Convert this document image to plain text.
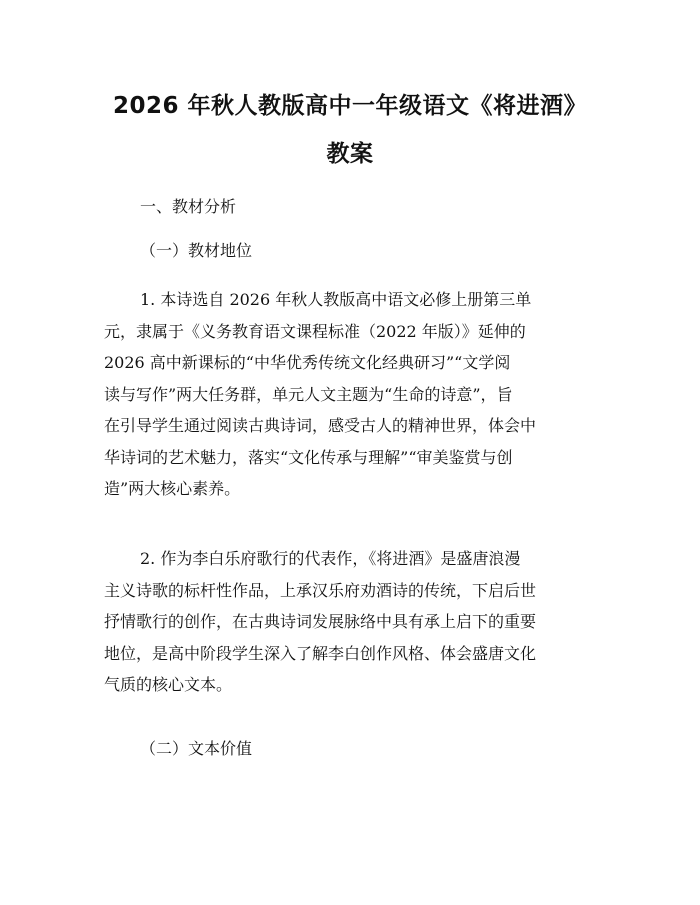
2026 年秋人教版高中一年级语文《将进酒》
教案

一、教材分析

（一）教材地位

1. 本诗选自 2026 年秋人教版高中语文必修上册第三单
元，隶属于《义务教育语文课程标准（2022 年版）》延伸的
2026 高中新课标的“中华优秀传统文化经典研习”“文学阅
读与写作”两大任务群，单元人文主题为“生命的诗意”，旨
在引导学生通过阅读古典诗词，感受古人的精神世界，体会中
华诗词的艺术魅力，落实“文化传承与理解”“审美鉴赏与创
造”两大核心素养。

2. 作为李白乐府歌行的代表作，《将进酒》是盛唐浪漫
主义诗歌的标杆性作品，上承汉乐府劝酒诗的传统，下启后世
抒情歌行的创作，在古典诗词发展脉络中具有承上启下的重要
地位，是高中阶段学生深入了解李白创作风格、体会盛唐文化
气质的核心文本。

（二）文本价值
